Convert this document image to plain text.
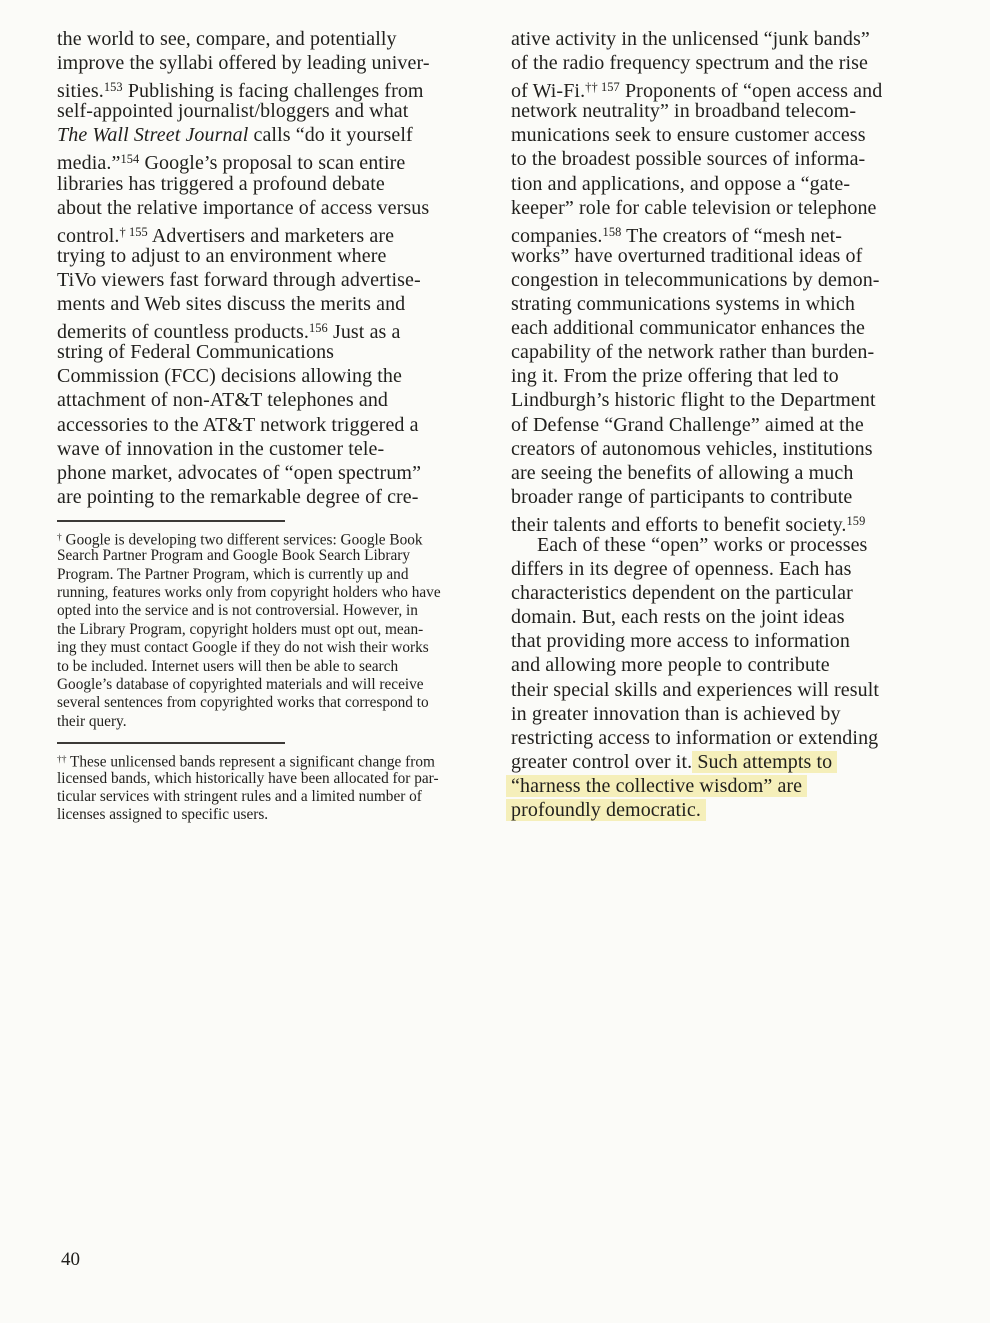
the world to see, compare, and potentially
improve the syllabi offered by leading univer-
sities.$^{153}$ Publishing is facing challenges from
self-appointed journalist/bloggers and what
The Wall Street Journal calls “do it yourself
media.”$^{154}$ Google’s proposal to scan entire
libraries has triggered a profound debate
about the relative importance of access versus
control.$^{\dagger 155}$ Advertisers and marketers are
trying to adjust to an environment where
TiVo viewers fast forward through advertise-
ments and Web sites discuss the merits and
demerits of countless products.$^{156}$ Just as a
string of Federal Communications
Commission (FCC) decisions allowing the
attachment of non-AT&T telephones and
accessories to the AT&T network triggered a
wave of innovation in the customer tele-
phone market, advocates of “open spectrum”
are pointing to the remarkable degree of cre-
† Google is developing two different services: Google Book
Search Partner Program and Google Book Search Library
Program. The Partner Program, which is currently up and
running, features works only from copyright holders who have
opted into the service and is not controversial. However, in
the Library Program, copyright holders must opt out, mean-
ing they must contact Google if they do not wish their works
to be included. Internet users will then be able to search
Google’s database of copyrighted materials and will receive
several sentences from copyrighted works that correspond to
their query.
†† These unlicensed bands represent a significant change from
licensed bands, which historically have been allocated for par-
ticular services with stringent rules and a limited number of
licenses assigned to specific users.
ative activity in the unlicensed “junk bands”
of the radio frequency spectrum and the rise
of Wi-Fi.$^{\dagger\dagger 157}$ Proponents of “open access and
network neutrality” in broadband telecom-
munications seek to ensure customer access
to the broadest possible sources of informa-
tion and applications, and oppose a “gate-
keeper” role for cable television or telephone
companies.$^{158}$ The creators of “mesh net-
works” have overturned traditional ideas of
congestion in telecommunications by demon-
strating communications systems in which
each additional communicator enhances the
capability of the network rather than burden-
ing it. From the prize offering that led to
Lindburgh’s historic flight to the Department
of Defense “Grand Challenge” aimed at the
creators of autonomous vehicles, institutions
are seeing the benefits of allowing a much
broader range of participants to contribute
their talents and efforts to benefit society.$^{159}$
Each of these “open” works or processes
differs in its degree of openness. Each has
characteristics dependent on the particular
domain. But, each rests on the joint ideas
that providing more access to information
and allowing more people to contribute
their special skills and experiences will result
in greater innovation than is achieved by
restricting access to information or extending
greater control over it. Such attempts to
“harness the collective wisdom” are
profoundly democratic.
40
